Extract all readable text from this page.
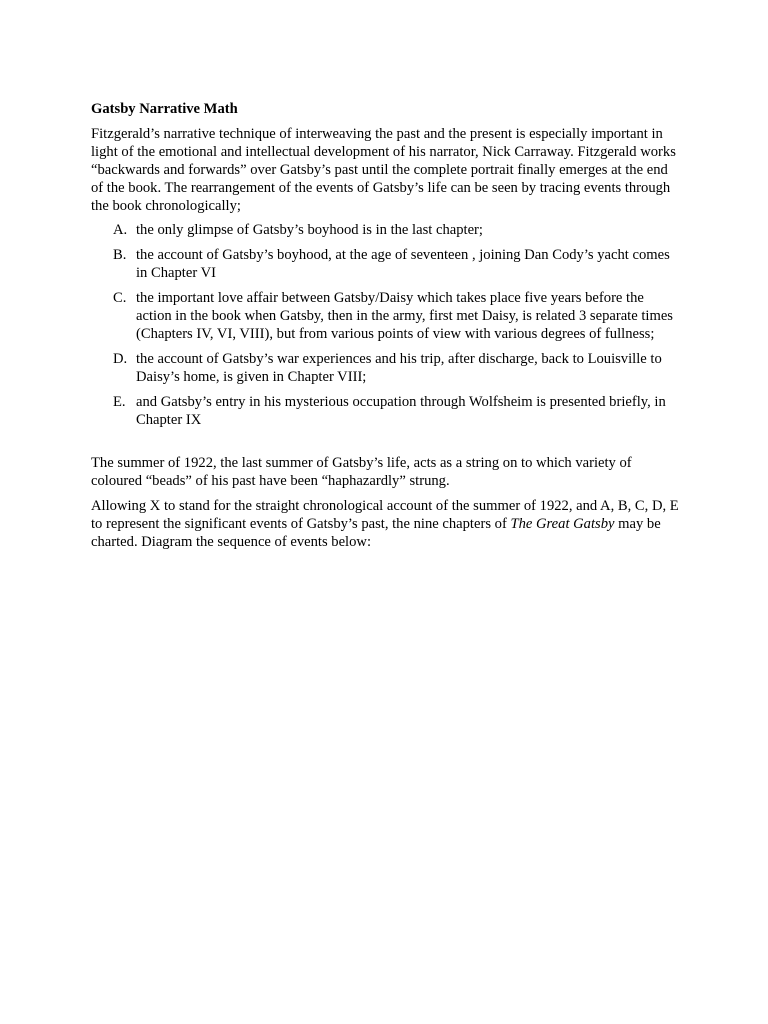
Gatsby Narrative Math

Fitzgerald’s narrative technique of interweaving the past and the present is especially important in light of the emotional and intellectual development of his narrator, Nick Carraway. Fitzgerald works “backwards and forwards” over Gatsby’s past until the complete portrait finally emerges at the end of the book. The rearrangement of the events of Gatsby’s life can be seen by tracing events through the book chronologically;

A. the only glimpse of Gatsby’s boyhood is in the last chapter;
B. the account of Gatsby’s boyhood, at the age of seventeen , joining Dan Cody’s yacht comes in Chapter VI
C. the important love affair between Gatsby/Daisy which takes place five years before the action in the book when Gatsby, then in the army, first met Daisy, is related 3 separate times (Chapters IV, VI, VIII), but from various points of view with various degrees of fullness;
D. the account of Gatsby’s war experiences and his trip, after discharge, back to Louisville to Daisy’s home, is given in Chapter VIII;
E. and Gatsby’s entry in his mysterious occupation through Wolfsheim is presented briefly, in Chapter IX

The summer of 1922, the last summer of Gatsby’s life, acts as a string on to which variety of coloured “beads” of his past have been “haphazardly” strung.

Allowing X to stand for the straight chronological account of the summer of 1922, and A, B, C, D, E to represent the significant events of Gatsby’s past, the nine chapters of The Great Gatsby may be charted. Diagram the sequence of events below:
